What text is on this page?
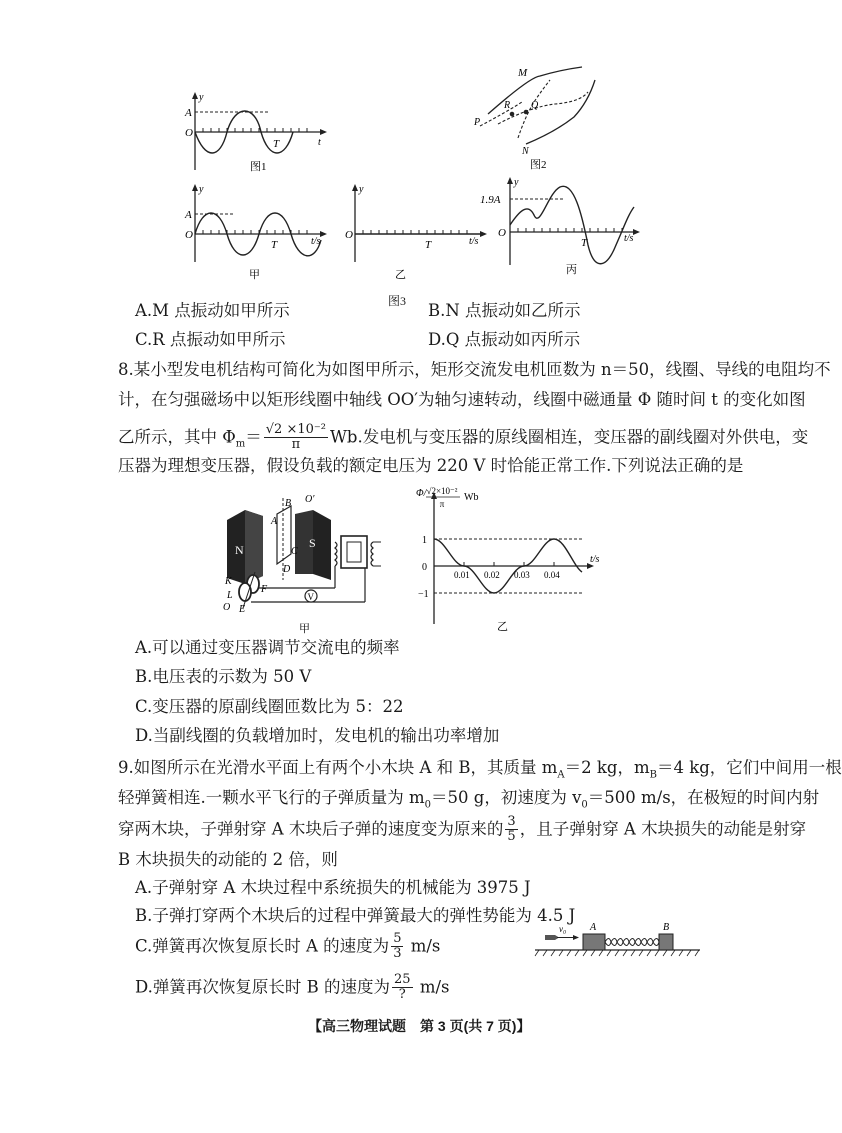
A
O
y
T	t
图1
M
R Q
P
N
图2
A
O
y
T	t/s
甲
O
y
T	t/s
乙
1.9A
O
y
T	t/s
丙
图3
A.M 点振动如甲所示	B.N 点振动如乙所示
C.R 点振动如甲所示	D.Q 点振动如丙所示
8.某小型发电机结构可简化为如图甲所示，矩形交流发电机匝数为 n＝50，线圈、导线的电阻均不
计，在匀强磁场中以矩形线圈中轴线 OO′为轴匀速转动，线圈中磁通量 Φ 随时间 t 的变化如图
乙所示，其中 $\Phi_m= \frac{\text{√2 ×10⁻²}}{\pi} Wb$.发电机与变压器的原线圈相连，变压器的副线圈对外供电，变
压器为理想变压器，假设负载的额定电压为 220 V 时恰能正常工作.下列说法正确的是
N	S
B
A
C
D
O′
K
L
F
E
O
V
甲
Φ/ √2×10⁻²
π
Wb
1
−1
0
0.01 0.02 0.03 0.04
t/s
乙
A.可以通过变压器调节交流电的频率
B.电压表的示数为 50 V
C.变压器的原副线圈匝数比为 5：22
D.当副线圈的负载增加时，发电机的输出功率增加
9.如图所示在光滑水平面上有两个小木块 A 和 B，其质量 $m_A=2$ kg，$m_B=4$ kg，它们中间用一根
轻弹簧相连.一颗水平飞行的子弹质量为 $m_0=50$ g，初速度为 $v_0=500$ m/s，在极短的时间内射
穿两木块，子弹射穿 A 木块后子弹的速度变为原来的 $\frac{3}{5}$ ，且子弹射穿 A 木块损失的动能是射穿
B 木块损失的动能的 2 倍，则
A.子弹射穿 A 木块过程中系统损失的机械能为 3975 J
B.子弹打穿两个木块后的过程中弹簧最大的弹性势能为 4.5 J
C.弹簧再次恢复原长时 A 的速度为 $\frac{5}{3} m/s$
D.弹簧再次恢复原长时 B 的速度为 $\frac{25}{?} m/s$
v₀ A	B
【高三物理试题　第 3 页(共 7 页)】
